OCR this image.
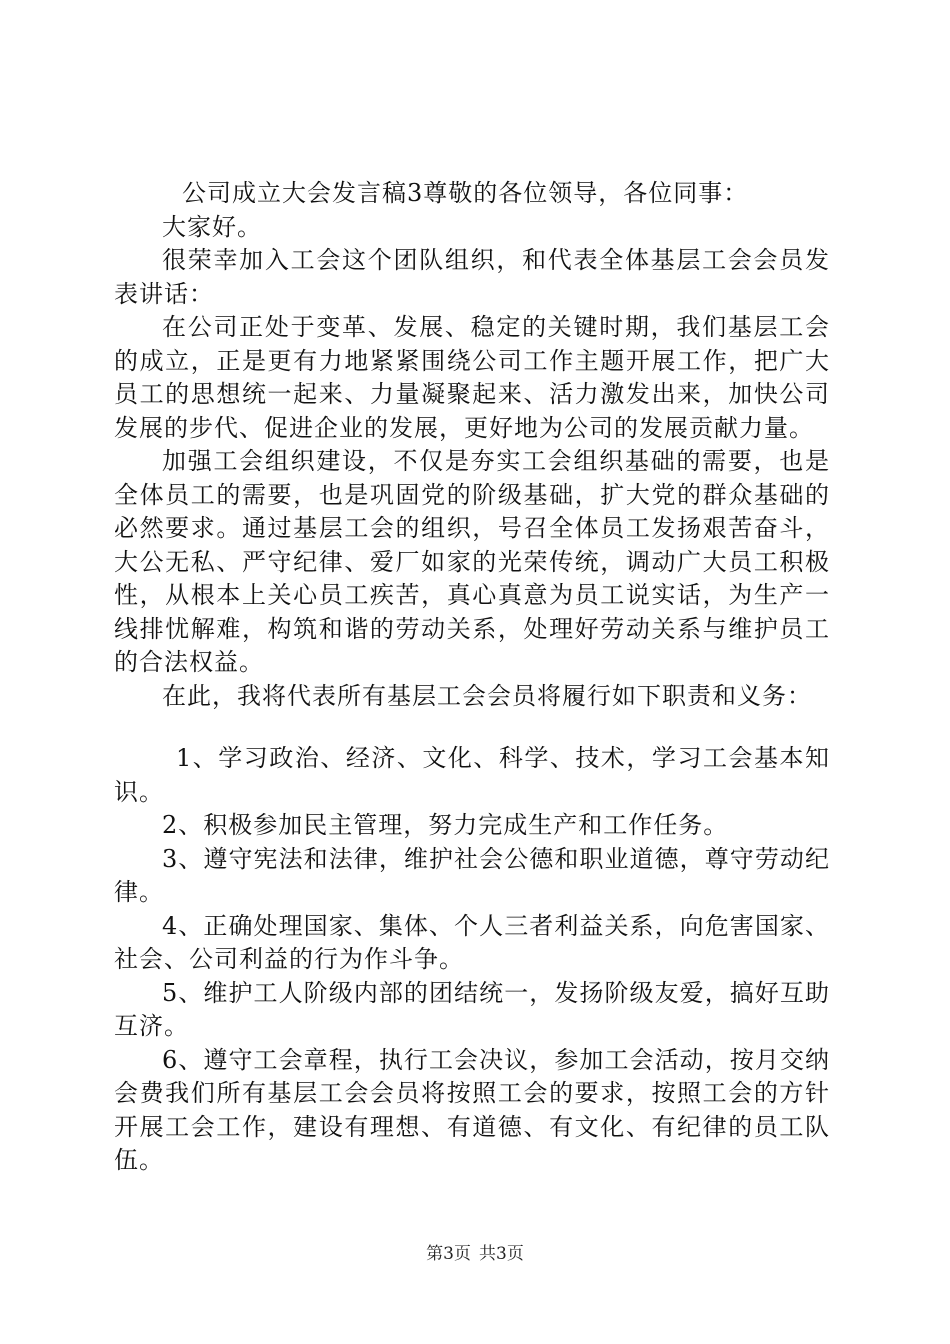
公司成立大会发言稿3尊敬的各位领导，各位同事：

大家好。

很荣幸加入工会这个团队组织，和代表全体基层工会会员发表讲话：

在公司正处于变革、发展、稳定的关键时期，我们基层工会的成立，正是更有力地紧紧围绕公司工作主题开展工作，把广大员工的思想统一起来、力量凝聚起来、活力激发出来，加快公司发展的步代、促进企业的发展，更好地为公司的发展贡献力量。

加强工会组织建设，不仅是夯实工会组织基础的需要，也是全体员工的需要，也是巩固党的阶级基础，扩大党的群众基础的必然要求。通过基层工会的组织，号召全体员工发扬艰苦奋斗，大公无私、严守纪律、爱厂如家的光荣传统，调动广大员工积极性，从根本上关心员工疾苦，真心真意为员工说实话，为生产一线排忧解难，构筑和谐的劳动关系，处理好劳动关系与维护员工的合法权益。

在此，我将代表所有基层工会会员将履行如下职责和义务：

1、学习政治、经济、文化、科学、技术，学习工会基本知识。

2、积极参加民主管理，努力完成生产和工作任务。

3、遵守宪法和法律，维护社会公德和职业道德，尊守劳动纪律。

4、正确处理国家、集体、个人三者利益关系，向危害国家、社会、公司利益的行为作斗争。

5、维护工人阶级内部的团结统一，发扬阶级友爱，搞好互助互济。

6、遵守工会章程，执行工会决议，参加工会活动，按月交纳会费我们所有基层工会会员将按照工会的要求，按照工会的方针开展工会工作，建设有理想、有道德、有文化、有纪律的员工队伍。

第3页 共3页
